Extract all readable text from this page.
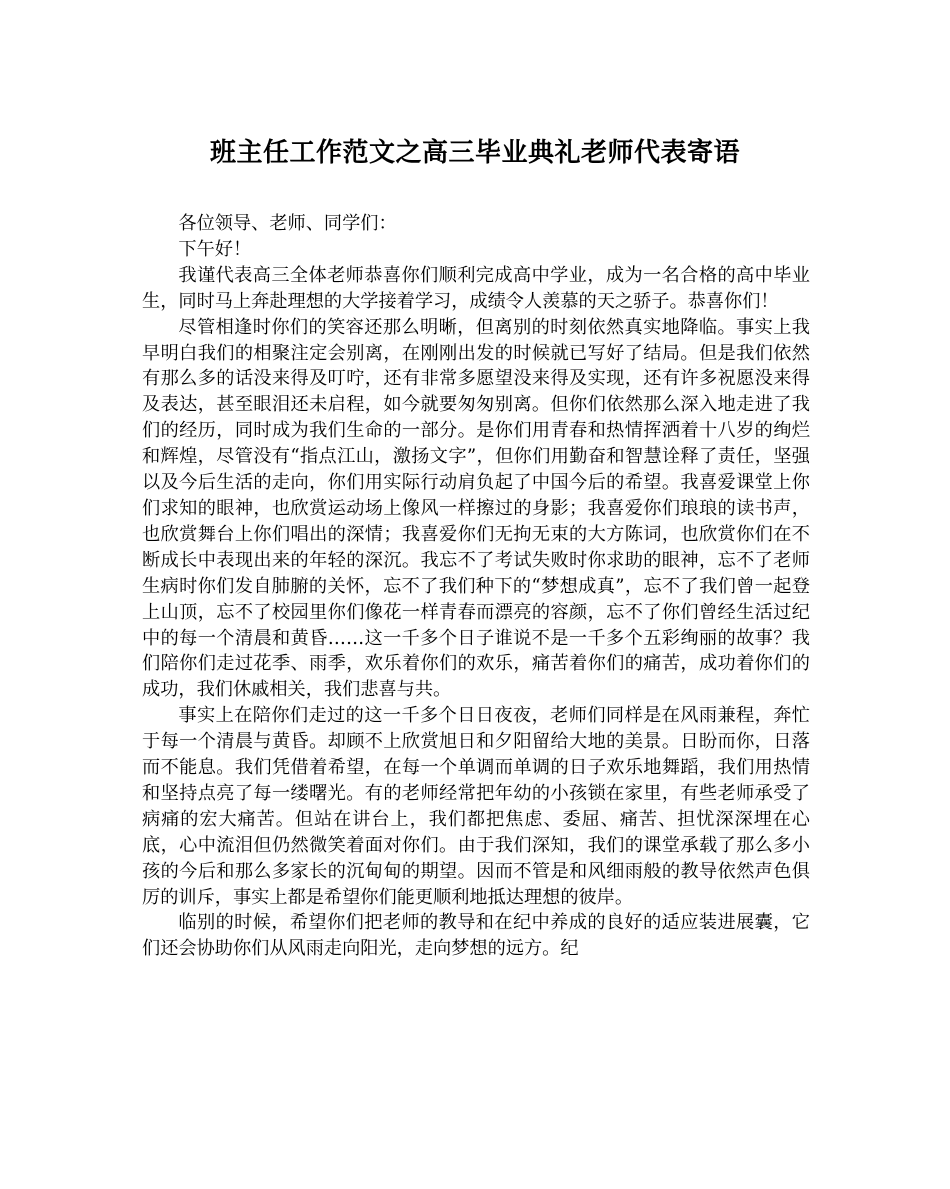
班主任工作范文之高三毕业典礼老师代表寄语

各位领导、老师、同学们：

下午好！

我谨代表高三全体老师恭喜你们顺利完成高中学业，成为一名合格的高中毕业生，同时马上奔赴理想的大学接着学习，成绩令人羡慕的天之骄子。恭喜你们！

尽管相逢时你们的笑容还那么明晰，但离别的时刻依然真实地降临。事实上我早明白我们的相聚注定会别离，在刚刚出发的时候就已写好了结局。但是我们依然有那么多的话没来得及叮咛，还有非常多愿望没来得及实现，还有许多祝愿没来得及表达，甚至眼泪还未启程，如今就要匆匆别离。但你们依然那么深入地走进了我们的经历，同时成为我们生命的一部分。是你们用青春和热情挥洒着十八岁的绚烂和辉煌，尽管没有“指点江山，激扬文字”，但你们用勤奋和智慧诠释了责任，坚强以及今后生活的走向，你们用实际行动肩负起了中国今后的希望。我喜爱课堂上你们求知的眼神，也欣赏运动场上像风一样擦过的身影；我喜爱你们琅琅的读书声，也欣赏舞台上你们唱出的深情；我喜爱你们无拘无束的大方陈词，也欣赏你们在不断成长中表现出来的年轻的深沉。我忘不了考试失败时你求助的眼神，忘不了老师生病时你们发自肺腑的关怀，忘不了我们种下的“梦想成真”，忘不了我们曾一起登上山顶，忘不了校园里你们像花一样青春而漂亮的容颜，忘不了你们曾经生活过纪中的每一个清晨和黄昏……这一千多个日子谁说不是一千多个五彩绚丽的故事？我们陪你们走过花季、雨季，欢乐着你们的欢乐，痛苦着你们的痛苦，成功着你们的成功，我们休戚相关，我们悲喜与共。

事实上在陪你们走过的这一千多个日日夜夜，老师们同样是在风雨兼程，奔忙于每一个清晨与黄昏。却顾不上欣赏旭日和夕阳留给大地的美景。日盼而你，日落而不能息。我们凭借着希望，在每一个单调而单调的日子欢乐地舞蹈，我们用热情和坚持点亮了每一缕曙光。有的老师经常把年幼的小孩锁在家里，有些老师承受了病痛的宏大痛苦。但站在讲台上，我们都把焦虑、委屈、痛苦、担忧深深埋在心底，心中流泪但仍然微笑着面对你们。由于我们深知，我们的课堂承载了那么多小孩的今后和那么多家长的沉甸甸的期望。因而不管是和风细雨般的教导依然声色俱厉的训斥，事实上都是希望你们能更顺利地抵达理想的彼岸。

临别的时候，希望你们把老师的教导和在纪中养成的良好的适应装进展囊，它们还会协助你们从风雨走向阳光，走向梦想的远方。纪
